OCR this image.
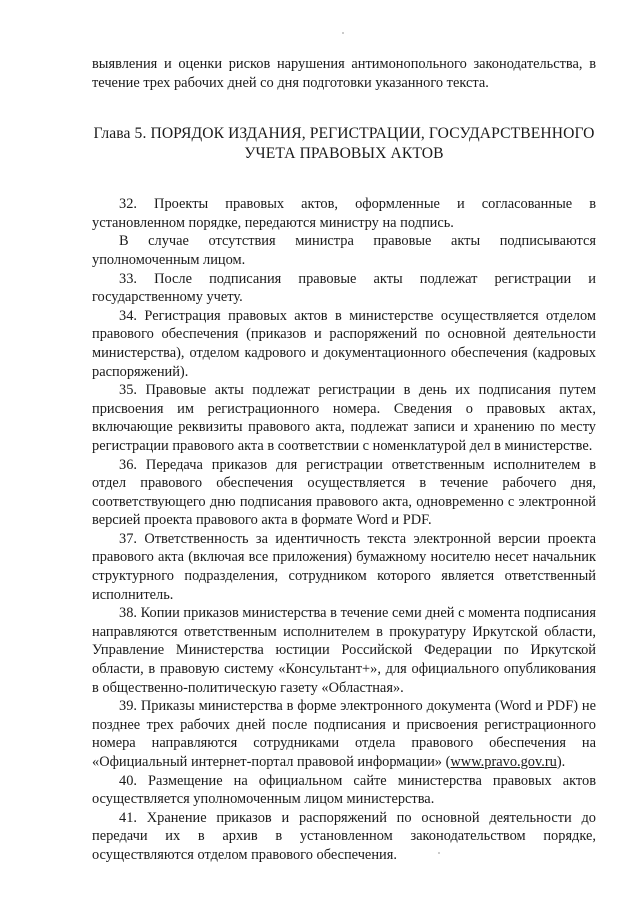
выявления и оценки рисков нарушения антимонопольного законодательства, в течение трех рабочих дней со дня подготовки указанного текста.

Глава 5. ПОРЯДОК ИЗДАНИЯ, РЕГИСТРАЦИИ, ГОСУДАРСТВЕННОГО
УЧЕТА ПРАВОВЫХ АКТОВ

32. Проекты правовых актов, оформленные и согласованные в установленном порядке, передаются министру на подпись.

В случае отсутствия министра правовые акты подписываются уполномоченным лицом.

33. После подписания правовые акты подлежат регистрации и государственному учету.

34. Регистрация правовых актов в министерстве осуществляется отделом правового обеспечения (приказов и распоряжений по основной деятельности министерства), отделом кадрового и документационного обеспечения (кадровых распоряжений).

35. Правовые акты подлежат регистрации в день их подписания путем присвоения им регистрационного номера. Сведения о правовых актах, включающие реквизиты правового акта, подлежат записи и хранению по месту регистрации правового акта в соответствии с номенклатурой дел в министерстве.

36. Передача приказов для регистрации ответственным исполнителем в отдел правового обеспечения осуществляется в течение рабочего дня, соответствующего дню подписания правового акта, одновременно с электронной версией проекта правового акта в формате Word и PDF.

37. Ответственность за идентичность текста электронной версии проекта правового акта (включая все приложения) бумажному носителю несет начальник структурного подразделения, сотрудником которого является ответственный исполнитель.

38. Копии приказов министерства в течение семи дней с момента подписания направляются ответственным исполнителем в прокуратуру Иркутской области, Управление Министерства юстиции Российской Федерации по Иркутской области, в правовую систему «Консультант+», для официального опубликования в общественно-политическую газету «Областная».

39. Приказы министерства в форме электронного документа (Word и PDF) не позднее трех рабочих дней после подписания и присвоения регистрационного номера направляются сотрудниками отдела правового обеспечения на «Официальный интернет-портал правовой информации» (www.pravo.gov.ru).

40. Размещение на официальном сайте министерства правовых актов осуществляется уполномоченным лицом министерства.

41. Хранение приказов и распоряжений по основной деятельности до передачи их в архив в установленном законодательством порядке, осуществляются отделом правового обеспечения.
